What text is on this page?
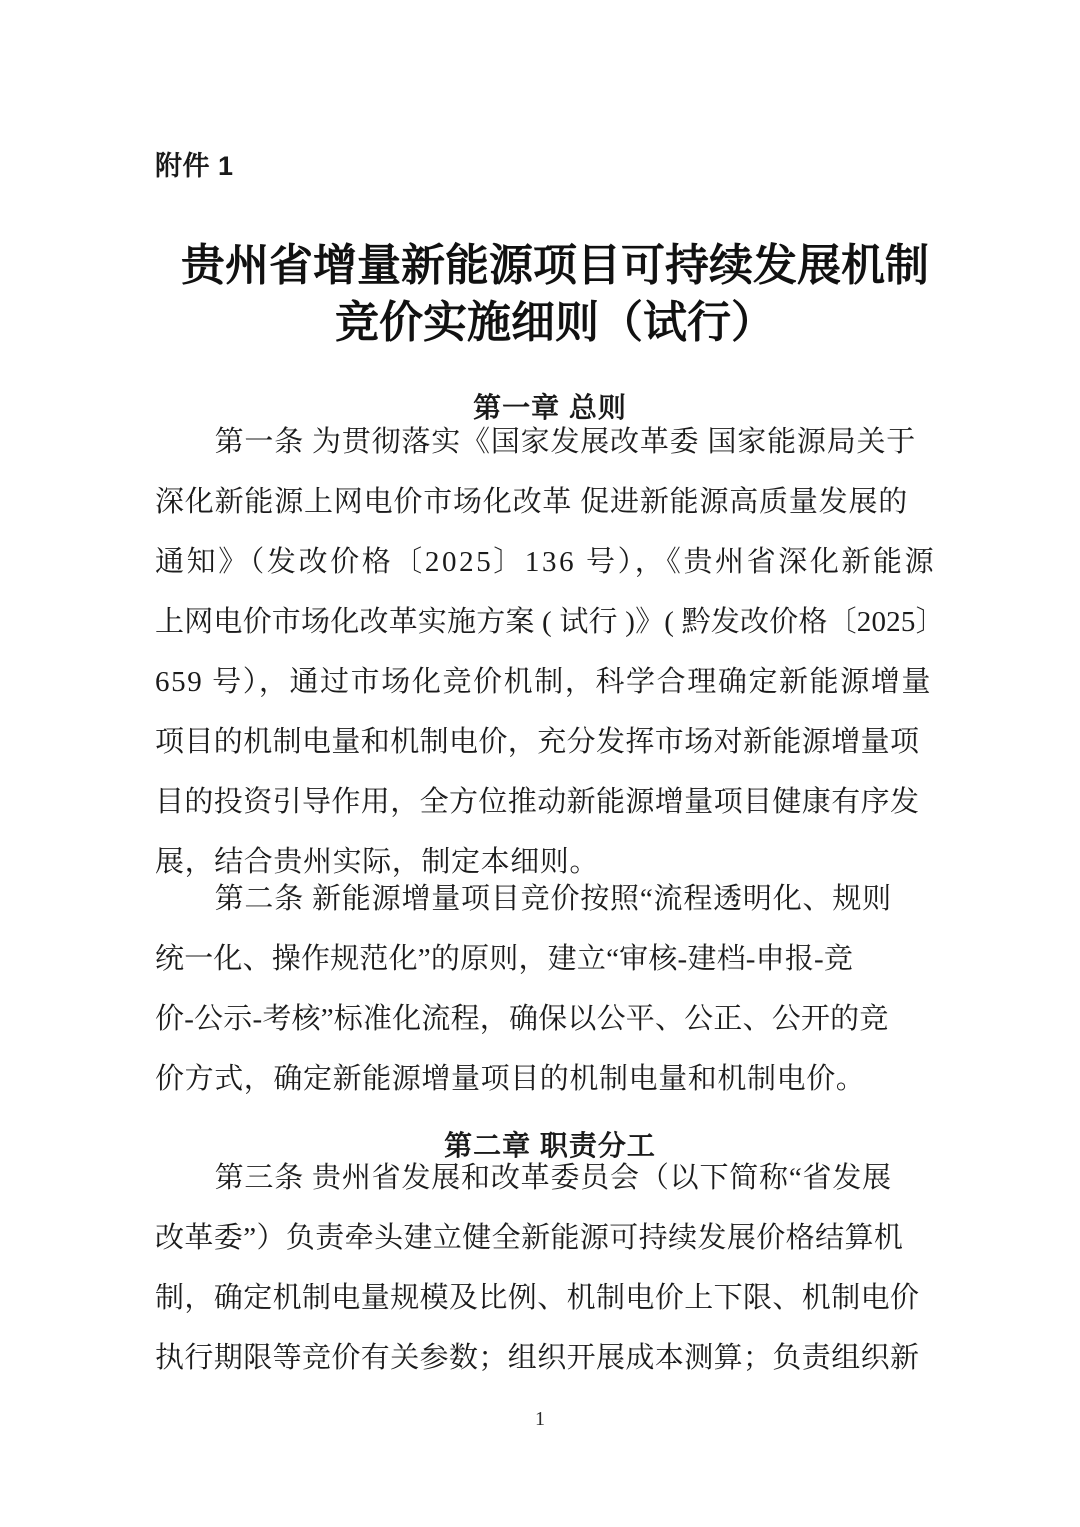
附件 1
贵州省增量新能源项目可持续发展机制竞价实施细则（试行）
第一章 总则
　　第一条 为贯彻落实《国家发展改革委 国家能源局关于
深化新能源上网电价市场化改革 促进新能源高质量发展的
通知》（发改价格〔2025〕136 号），《贵州省深化新能源
上网电价市场化改革实施方案 ( 试行 )》( 黔发改价格〔2025〕
659 号），通过市场化竞价机制，科学合理确定新能源增量
项目的机制电量和机制电价，充分发挥市场对新能源增量项
目的投资引导作用，全方位推动新能源增量项目健康有序发
展，结合贵州实际，制定本细则。
　　第二条 新能源增量项目竞价按照“流程透明化、规则
统一化、操作规范化”的原则，建立“审核-建档-申报-竞
价-公示-考核”标准化流程，确保以公平、公正、公开的竞
价方式，确定新能源增量项目的机制电量和机制电价。
第二章 职责分工
　　第三条 贵州省发展和改革委员会（以下简称“省发展
改革委”）负责牵头建立健全新能源可持续发展价格结算机
制，确定机制电量规模及比例、机制电价上下限、机制电价
执行期限等竞价有关参数；组织开展成本测算；负责组织新
1
